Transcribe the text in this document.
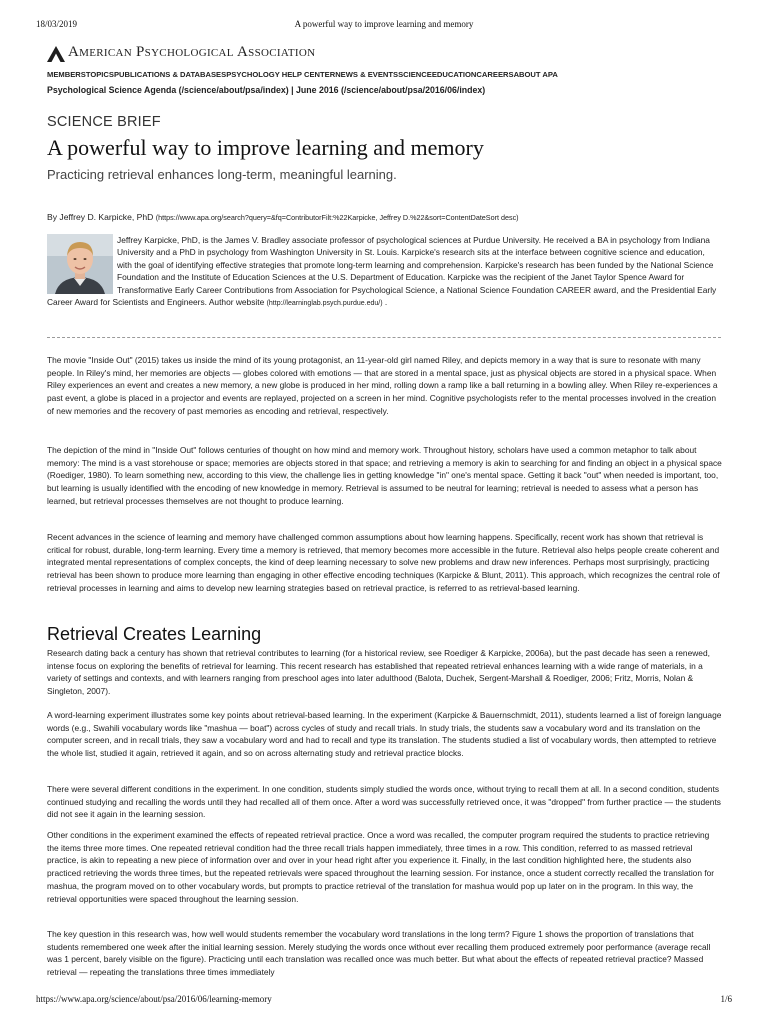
18/03/2019	A powerful way to improve learning and memory
American Psychological Association
MEMBERSTOPICSPUBLICATIONS & DATABASESPSYCHOLOGY HELP CENTERNEWS & EVENTSSCIENCEEDUCATIONCAREERSABOUT APA
Psychological Science Agenda (/science/about/psa/index) | June 2016 (/science/about/psa/2016/06/index)
SCIENCE BRIEF
A powerful way to improve learning and memory
Practicing retrieval enhances long-term, meaningful learning.
By Jeffrey D. Karpicke, PhD (https://www.apa.org/search?query=&fq=ContributorFilt:%22Karpicke, Jeffrey D.%22&sort=ContentDateSort desc)
Jeffrey Karpicke, PhD, is the James V. Bradley associate professor of psychological sciences at Purdue University. He received a BA in psychology from Indiana University and a PhD in psychology from Washington University in St. Louis. Karpicke's research sits at the interface between cognitive science and education, with the goal of identifying effective strategies that promote long-term learning and comprehension. Karpicke's research has been funded by the National Science Foundation and the Institute of Education Sciences at the U.S. Department of Education. Karpicke was the recipient of the Janet Taylor Spence Award for Transformative Early Career Contributions from Association for Psychological Science, a National Science Foundation CAREER award, and the Presidential Early Career Award for Scientists and Engineers. Author website (http://learninglab.psych.purdue.edu/) .
The movie "Inside Out" (2015) takes us inside the mind of its young protagonist, an 11-year-old girl named Riley, and depicts memory in a way that is sure to resonate with many people. In Riley's mind, her memories are objects — globes colored with emotions — that are stored in a mental space, just as physical objects are stored in a physical space. When Riley experiences an event and creates a new memory, a new globe is produced in her mind, rolling down a ramp like a ball returning in a bowling alley. When Riley re-experiences a past event, a globe is placed in a projector and events are replayed, projected on a screen in her mind. Cognitive psychologists refer to the mental processes involved in the creation of new memories and the recovery of past memories as encoding and retrieval, respectively.
The depiction of the mind in "Inside Out" follows centuries of thought on how mind and memory work. Throughout history, scholars have used a common metaphor to talk about memory: The mind is a vast storehouse or space; memories are objects stored in that space; and retrieving a memory is akin to searching for and finding an object in a physical space (Roediger, 1980). To learn something new, according to this view, the challenge lies in getting knowledge "in" one's mental space. Getting it back "out" when needed is important, too, but learning is usually identified with the encoding of new knowledge in memory. Retrieval is assumed to be neutral for learning; retrieval is needed to assess what a person has learned, but retrieval processes themselves are not thought to produce learning.
Recent advances in the science of learning and memory have challenged common assumptions about how learning happens. Specifically, recent work has shown that retrieval is critical for robust, durable, long-term learning. Every time a memory is retrieved, that memory becomes more accessible in the future. Retrieval also helps people create coherent and integrated mental representations of complex concepts, the kind of deep learning necessary to solve new problems and draw new inferences. Perhaps most surprisingly, practicing retrieval has been shown to produce more learning than engaging in other effective encoding techniques (Karpicke & Blunt, 2011). This approach, which recognizes the central role of retrieval processes in learning and aims to develop new learning strategies based on retrieval practice, is referred to as retrieval-based learning.
Retrieval Creates Learning
Research dating back a century has shown that retrieval contributes to learning (for a historical review, see Roediger & Karpicke, 2006a), but the past decade has seen a renewed, intense focus on exploring the benefits of retrieval for learning. This recent research has established that repeated retrieval enhances learning with a wide range of materials, in a variety of settings and contexts, and with learners ranging from preschool ages into later adulthood (Balota, Duchek, Sergent-Marshall & Roediger, 2006; Fritz, Morris, Nolan & Singleton, 2007).
A word-learning experiment illustrates some key points about retrieval-based learning. In the experiment (Karpicke & Bauernschmidt, 2011), students learned a list of foreign language words (e.g., Swahili vocabulary words like "mashua — boat") across cycles of study and recall trials. In study trials, the students saw a vocabulary word and its translation on the computer screen, and in recall trials, they saw a vocabulary word and had to recall and type its translation. The students studied a list of vocabulary words, then attempted to retrieve the whole list, studied it again, retrieved it again, and so on across alternating study and retrieval practice blocks.
There were several different conditions in the experiment. In one condition, students simply studied the words once, without trying to recall them at all. In a second condition, students continued studying and recalling the words until they had recalled all of them once. After a word was successfully retrieved once, it was "dropped" from further practice — the students did not see it again in the learning session.
Other conditions in the experiment examined the effects of repeated retrieval practice. Once a word was recalled, the computer program required the students to practice retrieving the items three more times. One repeated retrieval condition had the three recall trials happen immediately, three times in a row. This condition, referred to as massed retrieval practice, is akin to repeating a new piece of information over and over in your head right after you experience it. Finally, in the last condition highlighted here, the students also practiced retrieving the words three times, but the repeated retrievals were spaced throughout the learning session. For instance, once a student correctly recalled the translation for mashua, the program moved on to other vocabulary words, but prompts to practice retrieval of the translation for mashua would pop up later on in the program. In this way, the retrieval opportunities were spaced throughout the learning session.
The key question in this research was, how well would students remember the vocabulary word translations in the long term? Figure 1 shows the proportion of translations that students remembered one week after the initial learning session. Merely studying the words once without ever recalling them produced extremely poor performance (average recall was 1 percent, barely visible on the figure). Practicing until each translation was recalled once was much better. But what about the effects of repeated retrieval practice? Massed retrieval — repeating the translations three times immediately
https://www.apa.org/science/about/psa/2016/06/learning-memory	1/6
